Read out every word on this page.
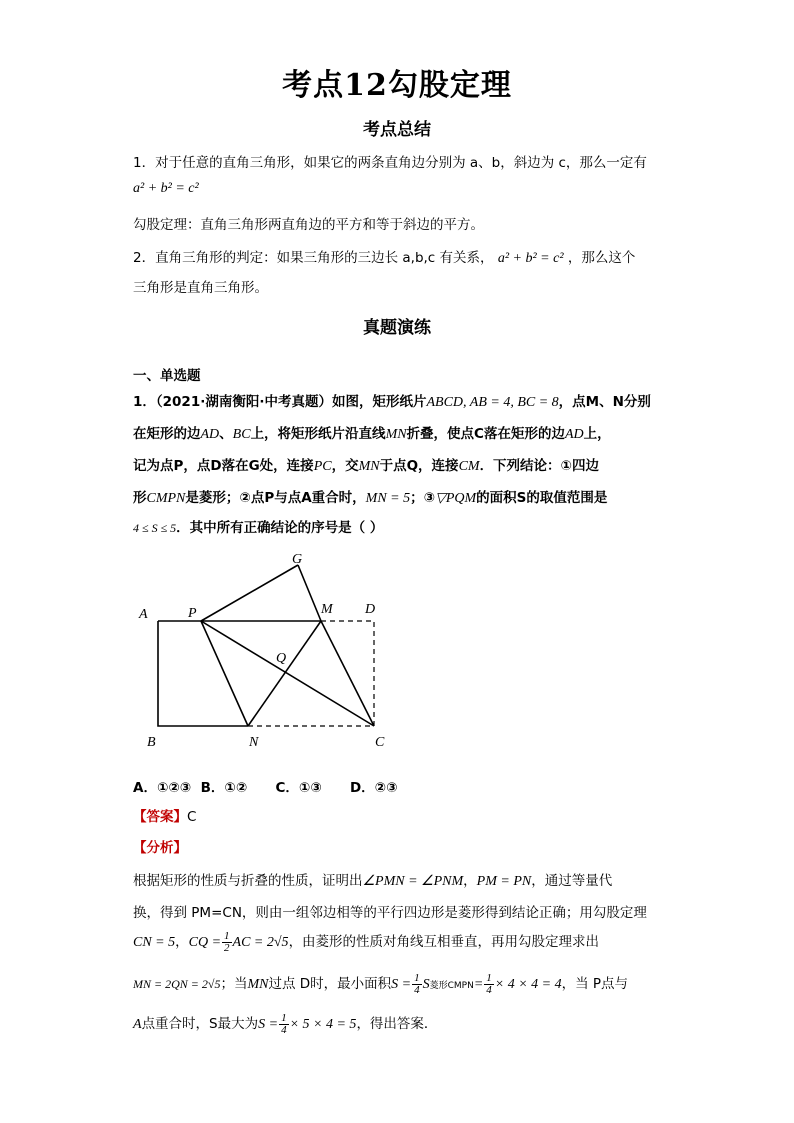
考点12勾股定理
考点总结
1．对于任意的直角三角形，如果它的两条直角边分别为 a、b，斜边为 c，那么一定有
a² + b² = c²
勾股定理：直角三角形两直角边的平方和等于斜边的平方。
2．直角三角形的判定：如果三角形的三边长 a,b,c 有关系， a² + b² = c² ，那么这个
三角形是直角三角形。
真题演练
一、单选题
1．（2021·湖南衡阳·中考真题）如图，矩形纸片ABCD, AB = 4, BC = 8，点M、N分别
在矩形的边AD、BC上，将矩形纸片沿直线MN折叠，使点C落在矩形的边AD上，
记为点P，点D落在G处，连接PC，交MN于点Q，连接CM．下列结论：①四边
形CMPN是菱形；②点P与点A重合时，MN = 5；③▽PQM的面积S的取值范围是
4 ≤ S ≤ 5．其中所有正确结论的序号是（ ）
A
B	C
D
G
M
N
P
Q
A．①②③  B．①②      C．①③      D．②③
【答案】C
【分析】
根据矩形的性质与折叠的性质，证明出∠PMN = ∠PNM，PM = PN，通过等量代
换，得到 PM=CN，则由一组邻边相等的平行四边形是菱形得到结论正确；用勾股定理
CN = 5，CQ = $\frac{1}{2}$ AC = 2√5，由菱形的性质对角线互相垂直，再用勾股定理求出
MN = 2QN = 2√5；当MN过点 D时，最小面积$S = \frac{1}{4}$ S菱形CMPN= $\frac{1}{4} \times 4 \times 4 = 4$，当 P点与
A点重合时，S最大为$S = \frac{1}{4} \times 5 \times 4 = 5$，得出答案．
